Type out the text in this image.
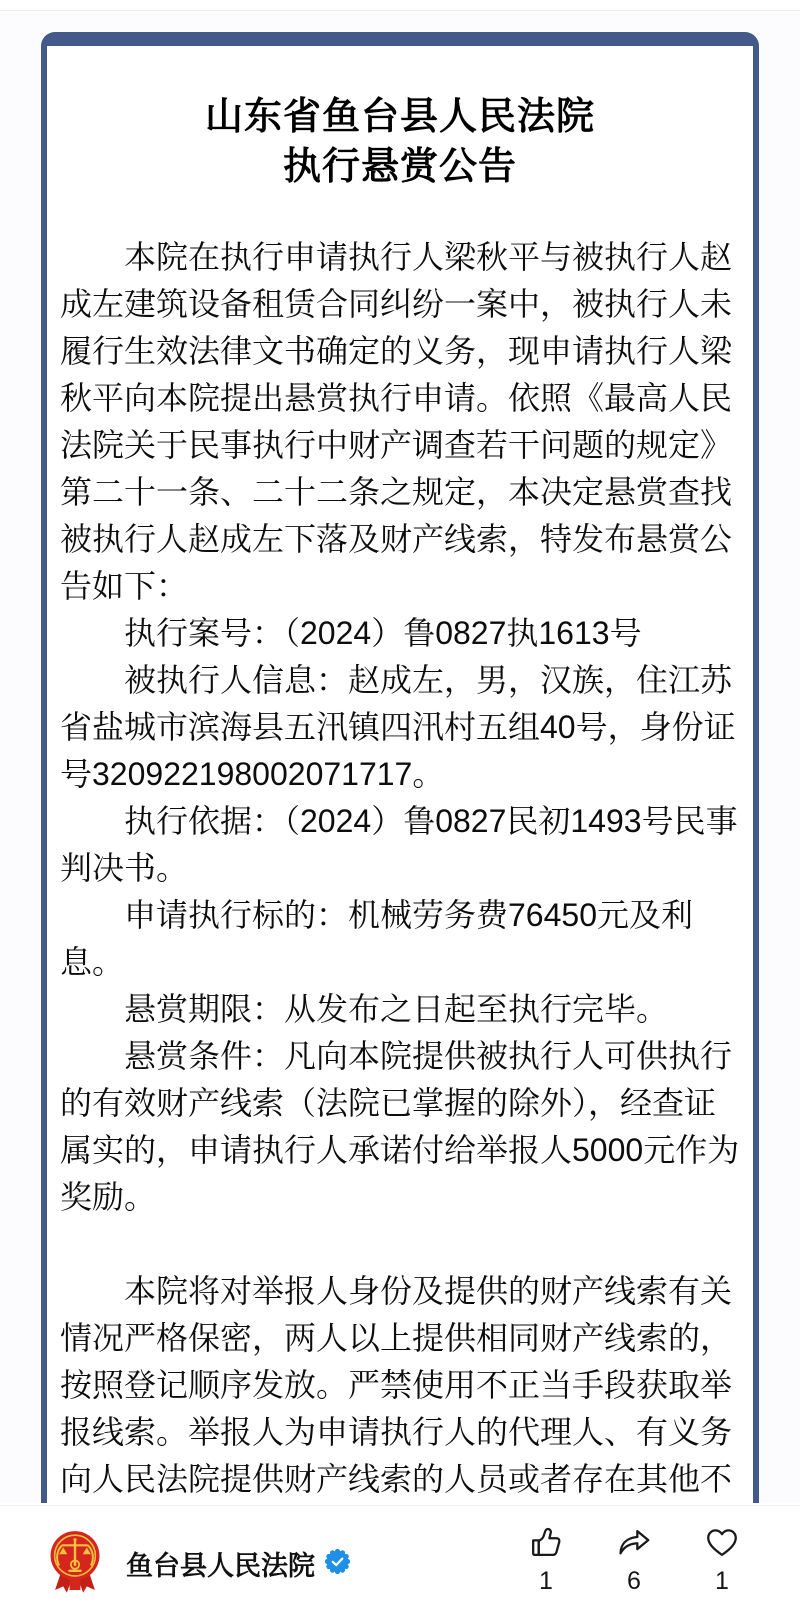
山东省鱼台县人民法院
执行悬赏公告

本院在执行申请执行人梁秋平与被执行人赵成左建筑设备租赁合同纠纷一案中，被执行人未履行生效法律文书确定的义务，现申请执行人梁秋平向本院提出悬赏执行申请。依照《最高人民法院关于民事执行中财产调查若干问题的规定》第二十一条、二十二条之规定，本决定悬赏查找被执行人赵成左下落及财产线索，特发布悬赏公告如下：

执行案号：（2024）鲁0827执1613号

被执行人信息：赵成左，男，汉族，住江苏省盐城市滨海县五汛镇四汛村五组40号，身份证号320922198002071717。

执行依据：（2024）鲁0827民初1493号民事判决书。

申请执行标的：机械劳务费76450元及利息。

悬赏期限：从发布之日起至执行完毕。

悬赏条件：凡向本院提供被执行人可供执行的有效财产线索（法院已掌握的除外），经查证属实的，申请执行人承诺付给举报人5000元作为奖励。

本院将对举报人身份及提供的财产线索有关情况严格保密，两人以上提供相同财产线索的，按照登记顺序发放。严禁使用不正当手段获取举报线索。举报人为申请执行人的代理人、有义务向人民法院提供财产线索的人员或者存在其他不

鱼台县人民法院	1	6	1
